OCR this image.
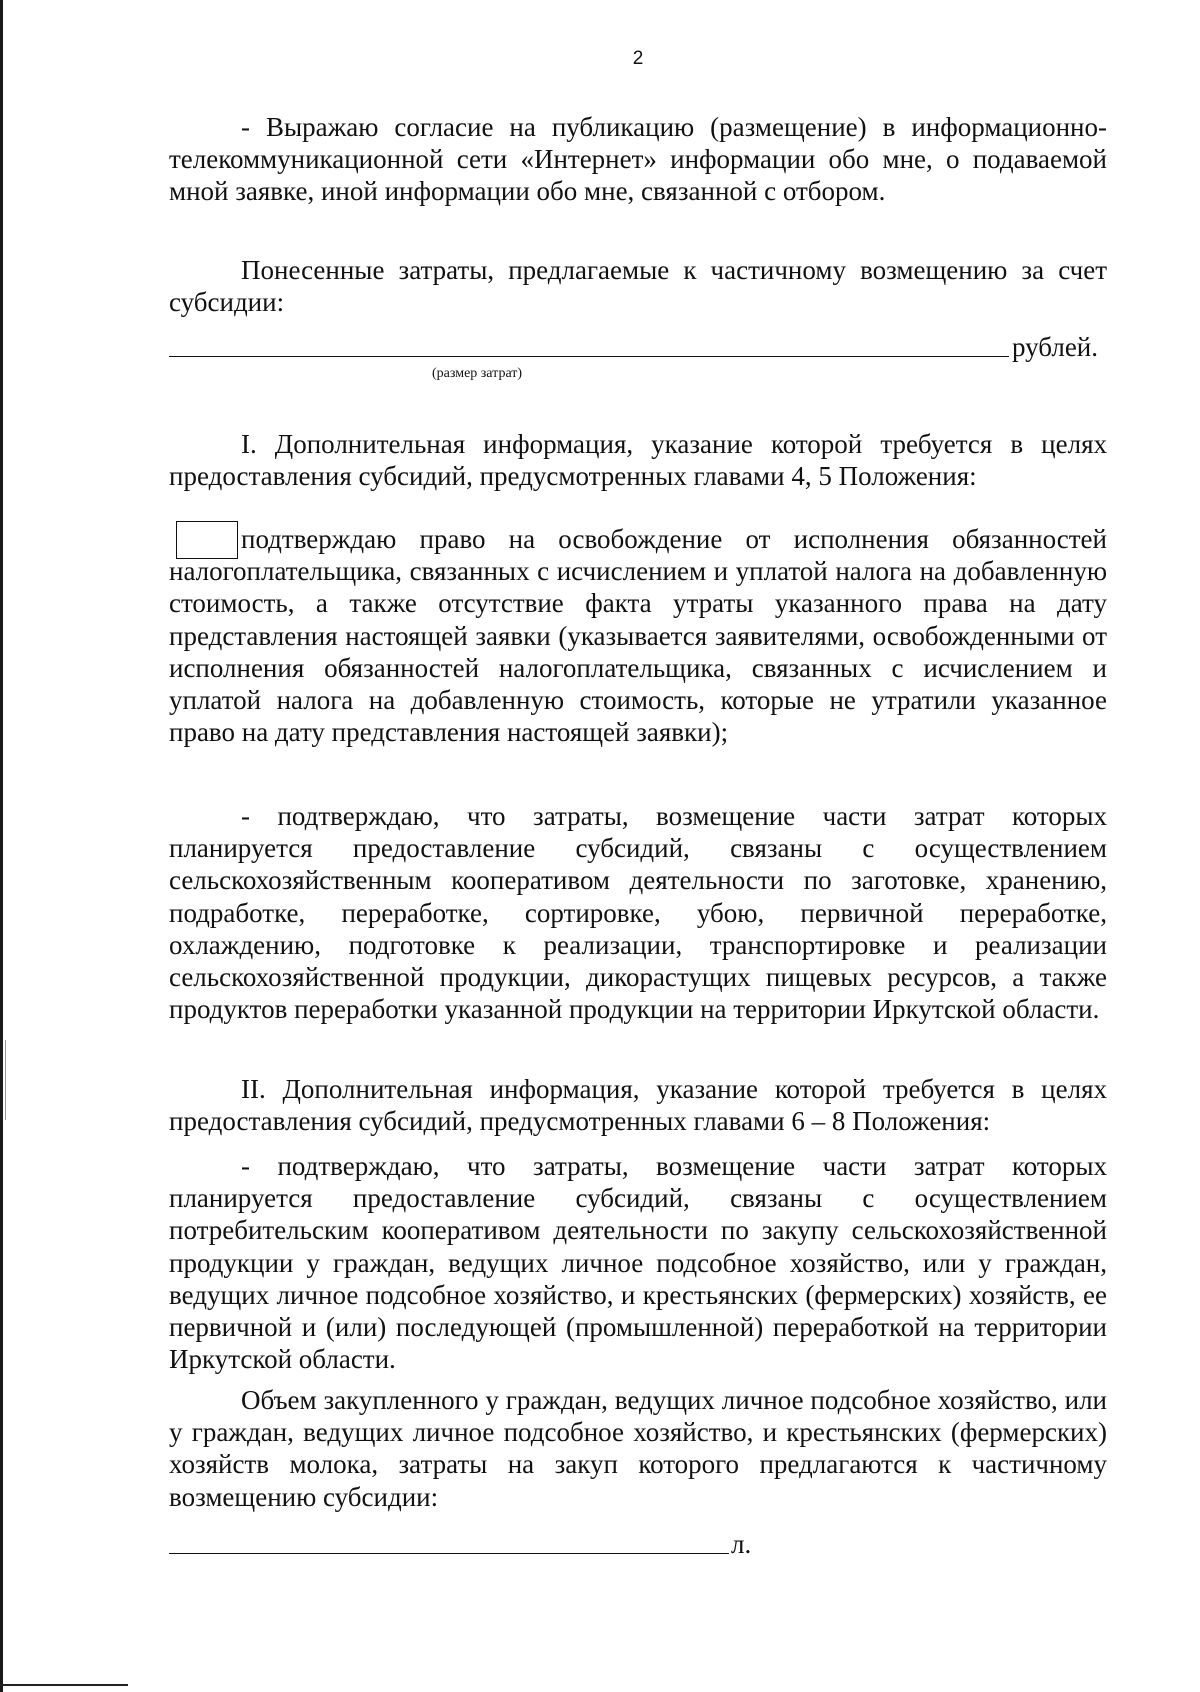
2

- Выражаю согласие на публикацию (размещение) в информационно-телекоммуникационной сети «Интернет» информации обо мне, о подаваемой мной заявке, иной информации обо мне, связанной с отбором.

Понесенные затраты, предлагаемые к частичному возмещению за счет субсидии:

рублей.
(размер затрат)

I. Дополнительная информация, указание которой требуется в целях предоставления субсидий, предусмотренных главами 4, 5 Положения:

подтверждаю право на освобождение от исполнения обязанностей налогоплательщика, связанных с исчислением и уплатой налога на добавленную стоимость, а также отсутствие факта утраты указанного права на дату представления настоящей заявки (указывается заявителями, освобожденными от исполнения обязанностей налогоплательщика, связанных с исчислением и уплатой налога на добавленную стоимость, которые не утратили указанное право на дату представления настоящей заявки);

- подтверждаю, что затраты, возмещение части затрат которых планируется предоставление субсидий, связаны с осуществлением сельскохозяйственным кооперативом деятельности по заготовке, хранению, подработке, переработке, сортировке, убою, первичной переработке, охлаждению, подготовке к реализации, транспортировке и реализации сельскохозяйственной продукции, дикорастущих пищевых ресурсов, а также продуктов переработки указанной продукции на территории Иркутской области.

II. Дополнительная информация, указание которой требуется в целях предоставления субсидий, предусмотренных главами 6 – 8 Положения:

- подтверждаю, что затраты, возмещение части затрат которых планируется предоставление субсидий, связаны с осуществлением потребительским кооперативом деятельности по закупу сельскохозяйственной продукции у граждан, ведущих личное подсобное хозяйство, или у граждан, ведущих личное подсобное хозяйство, и крестьянских (фермерских) хозяйств, ее первичной и (или) последующей (промышленной) переработкой на территории Иркутской области.

Объем закупленного у граждан, ведущих личное подсобное хозяйство, или у граждан, ведущих личное подсобное хозяйство, и крестьянских (фермерских) хозяйств молока, затраты на закуп которого предлагаются к частичному возмещению субсидии:

л.
